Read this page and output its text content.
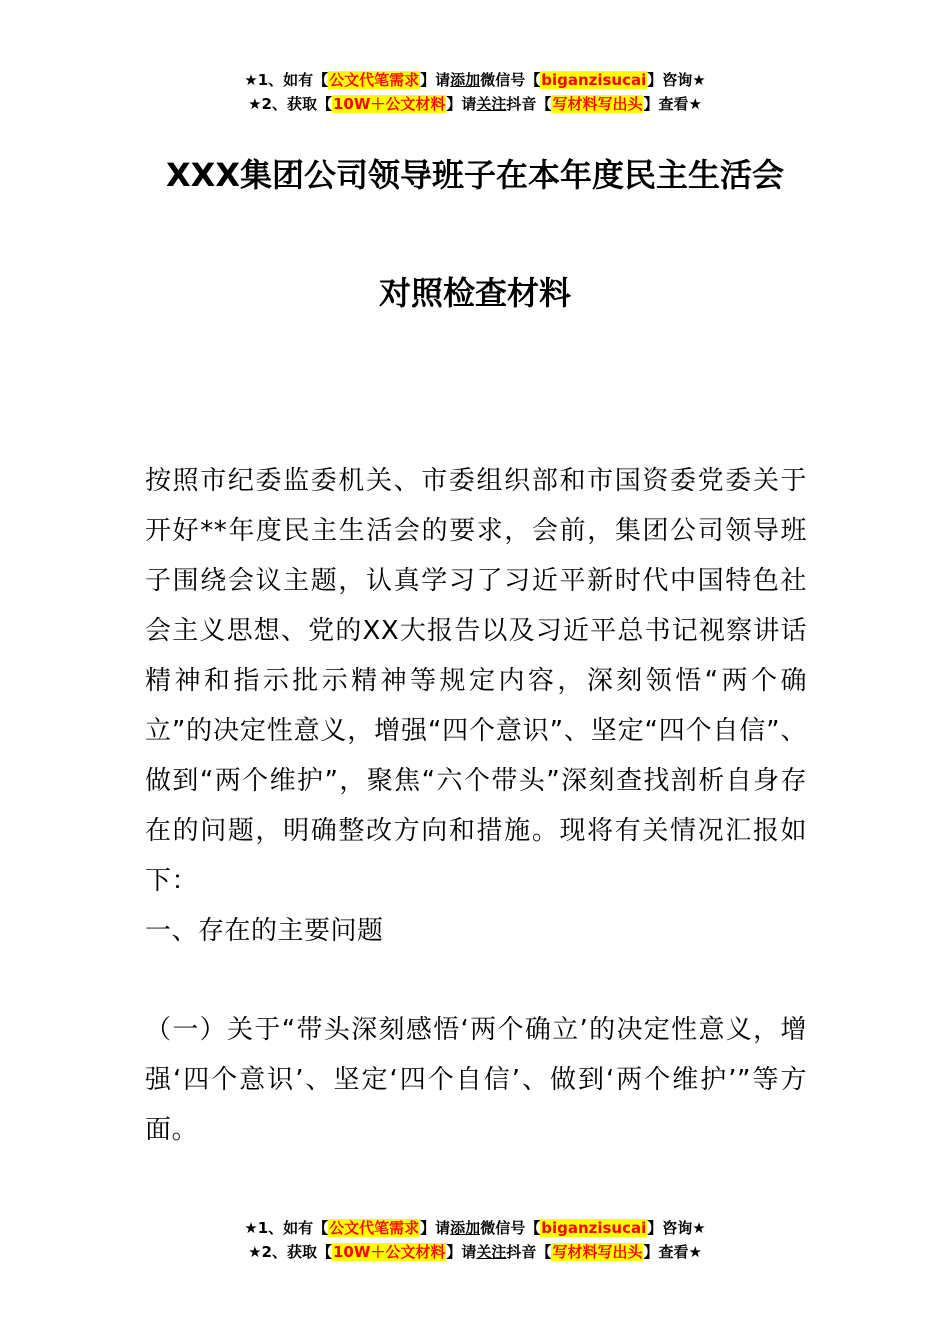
★1、如有【公文代笔需求】请添加微信号【biganzisucai】咨询★
★2、获取【10W＋公文材料】请关注抖音【写材料写出头】查看★
XXX集团公司领导班子在本年度民主生活会
对照检查材料
按照市纪委监委机关、市委组织部和市国资委党委关于开好**年度民主生活会的要求，会前，集团公司领导班子围绕会议主题，认真学习了习近平新时代中国特色社会主义思想、党的XX大报告以及习近平总书记视察讲话精神和指示批示精神等规定内容，深刻领悟“两个确立”的决定性意义，增强“四个意识”、坚定“四个自信”、做到“两个维护”，聚焦“六个带头”深刻查找剖析自身存在的问题，明确整改方向和措施。现将有关情况汇报如下：
一、存在的主要问题
（一）关于“带头深刻感悟‘两个确立’的决定性意义，增强‘四个意识’、坚定‘四个自信’、做到‘两个维护’”等方面。
★1、如有【公文代笔需求】请添加微信号【biganzisucai】咨询★
★2、获取【10W＋公文材料】请关注抖音【写材料写出头】查看★
